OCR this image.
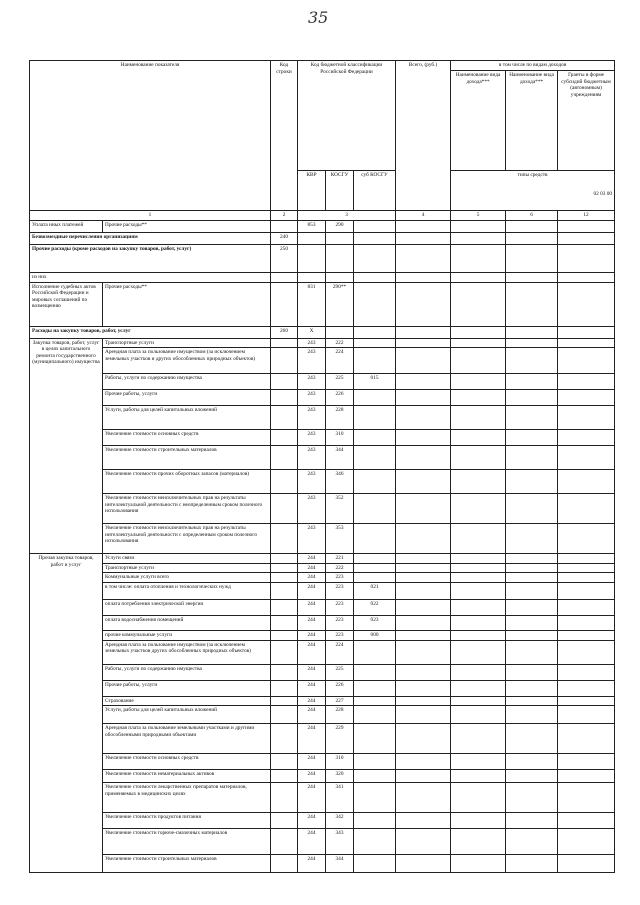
35
Наименование показателя		Код строки	Код бюджетной классификации Российской Федерации			Всего, (руб.)	в том числе по видам доходов		
							Наименование вида дохода***	Наименование вида дохода***	Гранты в форме субсидий бюджетным (автономным) учреждениям
			КВР	КОСГУ	суб КОСГУ		типы средств
02 03 00		

1		2	3			4	5	6	12
Уплата иных платежей	Прочие расходы**		853	290					
Безвозмездные перечисления организациям		240							
Прочие расходы (кроме расходов на закупку товаров, работ, услуг)		250							
из них									
Исполнение судебных актов Российской Федерации и мировых соглашений по возмещению	Прочие расходы**		831	290**					
Расходы на закупку товаров, работ, услуг		260	X						
Закупка товаров, работ, услуг в целях капитального ремонта государственного (муниципального) имущества	Транспортные услуги		243	222					
	Арендная плата за пользование имуществом (за исключением земельных участков и других обособленных природных объектов)		243	224					
	Работы, услуги по содержанию имущества		243	225	015				
	Прочие работы, услуги		243	226					
	Услуги, работы для целей капитальных вложений		243	228					
	Увеличение стоимости основных средств		243	310					
	Увеличение стоимости строительных материалов		243	344					
	Увеличение стоимости прочих оборотных запасов (материалов)		243	346					
	Увеличение стоимости неисключительных прав на результаты интеллектуальной деятельности с неопределенным сроком полезного использования		243	352					
	Увеличение стоимости неисключительных прав на результаты интеллектуальной деятельности с определенным сроком полезного использования		243	353					
Прочая закупка товаров, работ и услуг	Услуги связи		244	221					
	Транспортные услуги		244	222					
	Коммунальные услуги всего		244	223					
	в том числе: оплата отопления и технологических нужд		244	223	021				
	оплата потребления электрической энергии		244	223	022				
	оплата водоснабжения помещений		244	223	023				
	прочие коммунальные услуги		244	223	000				
	Арендная плата за пользование имуществом (за исключением земельных участков других обособленных природных объектов)		244	224					
	Работы, услуги по содержанию имущества		244	225					
	Прочие работы, услуги		244	226					
	Страхование		244	227					
	Услуги, работы для целей капитальных вложений		244	228					
	Арендная плата за пользование земельными участками и другими обособленными природными объектами		244	229					
	Увеличение стоимости основных средств		244	310					
	Увеличение стоимости нематериальных активов		244	320					
	Увеличение стоимости лекарственных препаратов материалов, применяемых в медицинских целях		244	341					
	Увеличение стоимости продуктов питания		244	342					
	Увеличение стоимости горюче-смазочных материалов		244	343					
	Увеличение стоимости строительных материалов		244	344					
